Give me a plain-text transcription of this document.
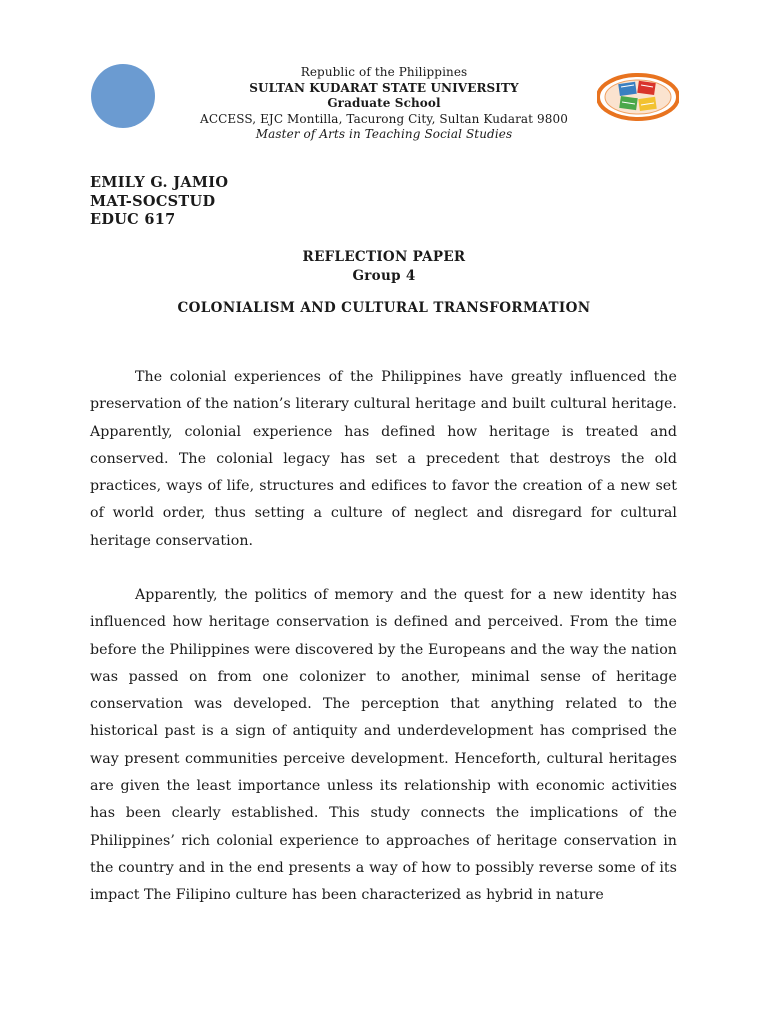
Republic of the Philippines
SULTAN KUDARAT STATE UNIVERSITY
Graduate School
ACCESS, EJC Montilla, Tacurong City, Sultan Kudarat 9800
Master of Arts in Teaching Social Studies
EMILY G. JAMIO
MAT-SOCSTUD
EDUC 617
REFLECTION PAPER
Group 4
COLONIALISM AND CULTURAL TRANSFORMATION

The colonial experiences of the Philippines have greatly influenced the preservation of the nation’s literary cultural heritage and built cultural heritage. Apparently, colonial experience has defined how heritage is treated and conserved. The colonial legacy has set a precedent that destroys the old practices, ways of life, structures and edifices to favor the creation of a new set of world order, thus setting a culture of neglect and disregard for cultural heritage conservation.

Apparently, the politics of memory and the quest for a new identity has influenced how heritage conservation is defined and perceived. From the time before the Philippines were discovered by the Europeans and the way the nation was passed on from one colonizer to another, minimal sense of heritage conservation was developed. The perception that anything related to the historical past is a sign of antiquity and underdevelopment has comprised the way present communities perceive development. Henceforth, cultural heritages are given the least importance unless its relationship with economic activities has been clearly established. This study connects the implications of the Philippines’ rich colonial experience to approaches of heritage conservation in the country and in the end presents a way of how to possibly reverse some of its impact The Filipino culture has been characterized as hybrid in nature
